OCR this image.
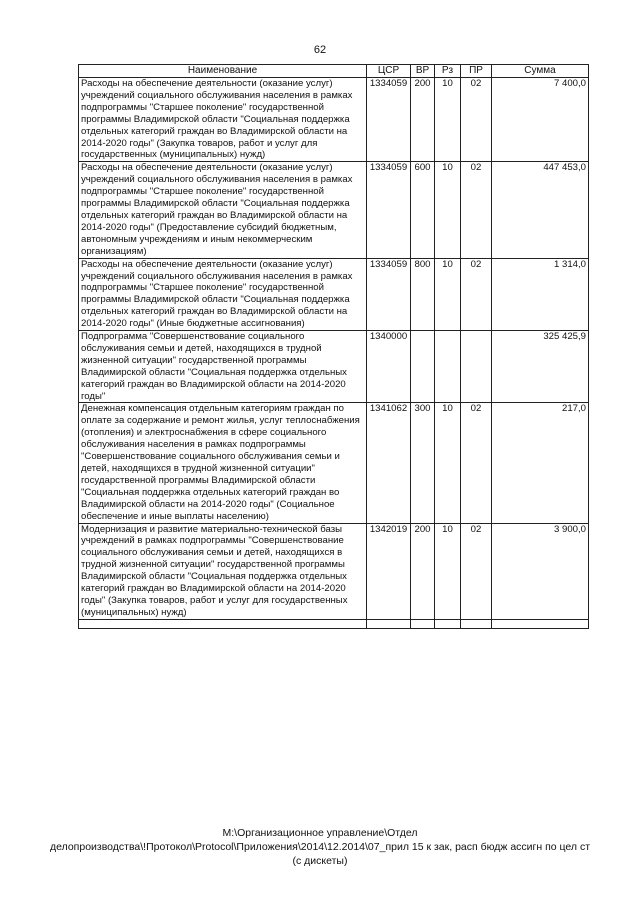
62
Наименование	ЦСР	ВР	Рз	ПР	Сумма
Расходы на обеспечение деятельности (оказание услуг) учреждений социального обслуживания населения в рамках подпрограммы "Старшее поколение" государственной программы Владимирской области "Социальная поддержка отдельных категорий граждан во Владимирской области на 2014-2020 годы" (Закупка товаров, работ и услуг для государственных (муниципальных) нужд)	1334059	200	10	02	7 400,0
Расходы на обеспечение деятельности (оказание услуг) учреждений социального обслуживания населения в рамках подпрограммы "Старшее поколение" государственной программы Владимирской области "Социальная поддержка отдельных категорий граждан во Владимирской области на 2014-2020 годы" (Предоставление субсидий бюджетным, автономным учреждениям и иным некоммерческим организациям)	1334059	600	10	02	447 453,0
Расходы на обеспечение деятельности (оказание услуг) учреждений социального обслуживания населения в рамках подпрограммы "Старшее поколение" государственной программы Владимирской области "Социальная поддержка отдельных категорий граждан во Владимирской области на 2014-2020 годы" (Иные бюджетные ассигнования)	1334059	800	10	02	1 314,0
Подпрограмма "Совершенствование социального обслуживания семьи и детей, находящихся в трудной жизненной ситуации" государственной программы Владимирской области "Социальная поддержка отдельных категорий граждан во Владимирской области на 2014-2020 годы"	1340000				325 425,9
Денежная компенсация отдельным категориям граждан по оплате за содержание и ремонт жилья, услуг теплоснабжения (отопления) и электроснабжения в сфере социального обслуживания населения в рамках подпрограммы "Совершенствование социального обслуживания семьи и детей, находящихся в трудной жизненной ситуации" государственной программы Владимирской области "Социальная поддержка отдельных категорий граждан во Владимирской области на 2014-2020 годы" (Социальное обеспечение и иные выплаты населению)	1341062	300	10	02	217,0
Модернизация и развитие материально-технической базы учреждений в рамках подпрограммы "Совершенствование социального обслуживания семьи и детей, находящихся в трудной жизненной ситуации" государственной программы Владимирской области "Социальная поддержка отдельных категорий граждан во Владимирской области на 2014-2020 годы" (Закупка товаров, работ и услуг для государственных (муниципальных) нужд)	1342019	200	10	02	3 900,0

M:\Организационное управление\Отдел
делопроизводства\!Протокол\Protocol\Приложения\2014\12.2014\07_прил 15 к зак, расп бюдж ассигн по цел ст
(с дискеты)
